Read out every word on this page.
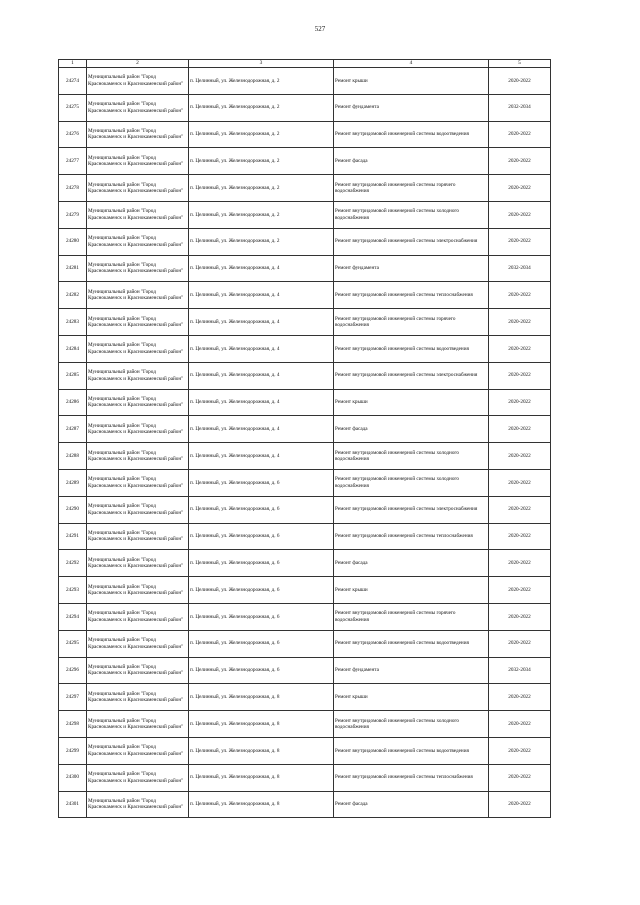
527
1	2	3	4	5
24274	Муниципальный район "Город Краснокаменск и Краснокаменский район"	п. Целинный, ул. Железнодорожная, д. 2	Ремонт крыши	2020-2022
24275	Муниципальный район "Город Краснокаменск и Краснокаменский район"	п. Целинный, ул. Железнодорожная, д. 2	Ремонт фундамента	2032-2034
24276	Муниципальный район "Город Краснокаменск и Краснокаменский район"	п. Целинный, ул. Железнодорожная, д. 2	Ремонт внутридомовой инженерной системы водоотведения	2020-2022
24277	Муниципальный район "Город Краснокаменск и Краснокаменский район"	п. Целинный, ул. Железнодорожная, д. 2	Ремонт фасада	2020-2022
24278	Муниципальный район "Город Краснокаменск и Краснокаменский район"	п. Целинный, ул. Железнодорожная, д. 2	Ремонт внутридомовой инженерной системы горячего водоснабжения	2020-2022
24279	Муниципальный район "Город Краснокаменск и Краснокаменский район"	п. Целинный, ул. Железнодорожная, д. 2	Ремонт внутридомовой инженерной системы холодного водоснабжения	2020-2022
24280	Муниципальный район "Город Краснокаменск и Краснокаменский район"	п. Целинный, ул. Железнодорожная, д. 2	Ремонт внутридомовой инженерной системы электроснабжения	2020-2022
24281	Муниципальный район "Город Краснокаменск и Краснокаменский район"	п. Целинный, ул. Железнодорожная, д. 4	Ремонт фундамента	2032-2034
24282	Муниципальный район "Город Краснокаменск и Краснокаменский район"	п. Целинный, ул. Железнодорожная, д. 4	Ремонт внутридомовой инженерной системы теплоснабжения	2020-2022
24283	Муниципальный район "Город Краснокаменск и Краснокаменский район"	п. Целинный, ул. Железнодорожная, д. 4	Ремонт внутридомовой инженерной системы горячего водоснабжения	2020-2022
24284	Муниципальный район "Город Краснокаменск и Краснокаменский район"	п. Целинный, ул. Железнодорожная, д. 4	Ремонт внутридомовой инженерной системы водоотведения	2020-2022
24285	Муниципальный район "Город Краснокаменск и Краснокаменский район"	п. Целинный, ул. Железнодорожная, д. 4	Ремонт внутридомовой инженерной системы электроснабжения	2020-2022
24286	Муниципальный район "Город Краснокаменск и Краснокаменский район"	п. Целинный, ул. Железнодорожная, д. 4	Ремонт крыши	2020-2022
24287	Муниципальный район "Город Краснокаменск и Краснокаменский район"	п. Целинный, ул. Железнодорожная, д. 4	Ремонт фасада	2020-2022
24288	Муниципальный район "Город Краснокаменск и Краснокаменский район"	п. Целинный, ул. Железнодорожная, д. 4	Ремонт внутридомовой инженерной системы холодного водоснабжения	2020-2022
24289	Муниципальный район "Город Краснокаменск и Краснокаменский район"	п. Целинный, ул. Железнодорожная, д. 6	Ремонт внутридомовой инженерной системы холодного водоснабжения	2020-2022
24290	Муниципальный район "Город Краснокаменск и Краснокаменский район"	п. Целинный, ул. Железнодорожная, д. 6	Ремонт внутридомовой инженерной системы электроснабжения	2020-2022
24291	Муниципальный район "Город Краснокаменск и Краснокаменский район"	п. Целинный, ул. Железнодорожная, д. 6	Ремонт внутридомовой инженерной системы теплоснабжения	2020-2022
24292	Муниципальный район "Город Краснокаменск и Краснокаменский район"	п. Целинный, ул. Железнодорожная, д. 6	Ремонт фасада	2020-2022
24293	Муниципальный район "Город Краснокаменск и Краснокаменский район"	п. Целинный, ул. Железнодорожная, д. 6	Ремонт крыши	2020-2022
24294	Муниципальный район "Город Краснокаменск и Краснокаменский район"	п. Целинный, ул. Железнодорожная, д. 6	Ремонт внутридомовой инженерной системы горячего водоснабжения	2020-2022
24295	Муниципальный район "Город Краснокаменск и Краснокаменский район"	п. Целинный, ул. Железнодорожная, д. 6	Ремонт внутридомовой инженерной системы водоотведения	2020-2022
24296	Муниципальный район "Город Краснокаменск и Краснокаменский район"	п. Целинный, ул. Железнодорожная, д. 6	Ремонт фундамента	2032-2034
24297	Муниципальный район "Город Краснокаменск и Краснокаменский район"	п. Целинный, ул. Железнодорожная, д. 8	Ремонт крыши	2020-2022
24298	Муниципальный район "Город Краснокаменск и Краснокаменский район"	п. Целинный, ул. Железнодорожная, д. 8	Ремонт внутридомовой инженерной системы холодного водоснабжения	2020-2022
24299	Муниципальный район "Город Краснокаменск и Краснокаменский район"	п. Целинный, ул. Железнодорожная, д. 8	Ремонт внутридомовой инженерной системы водоотведения	2020-2022
24300	Муниципальный район "Город Краснокаменск и Краснокаменский район"	п. Целинный, ул. Железнодорожная, д. 8	Ремонт внутридомовой инженерной системы теплоснабжения	2020-2022
24301	Муниципальный район "Город Краснокаменск и Краснокаменский район"	п. Целинный, ул. Железнодорожная, д. 8	Ремонт фасада	2020-2022
